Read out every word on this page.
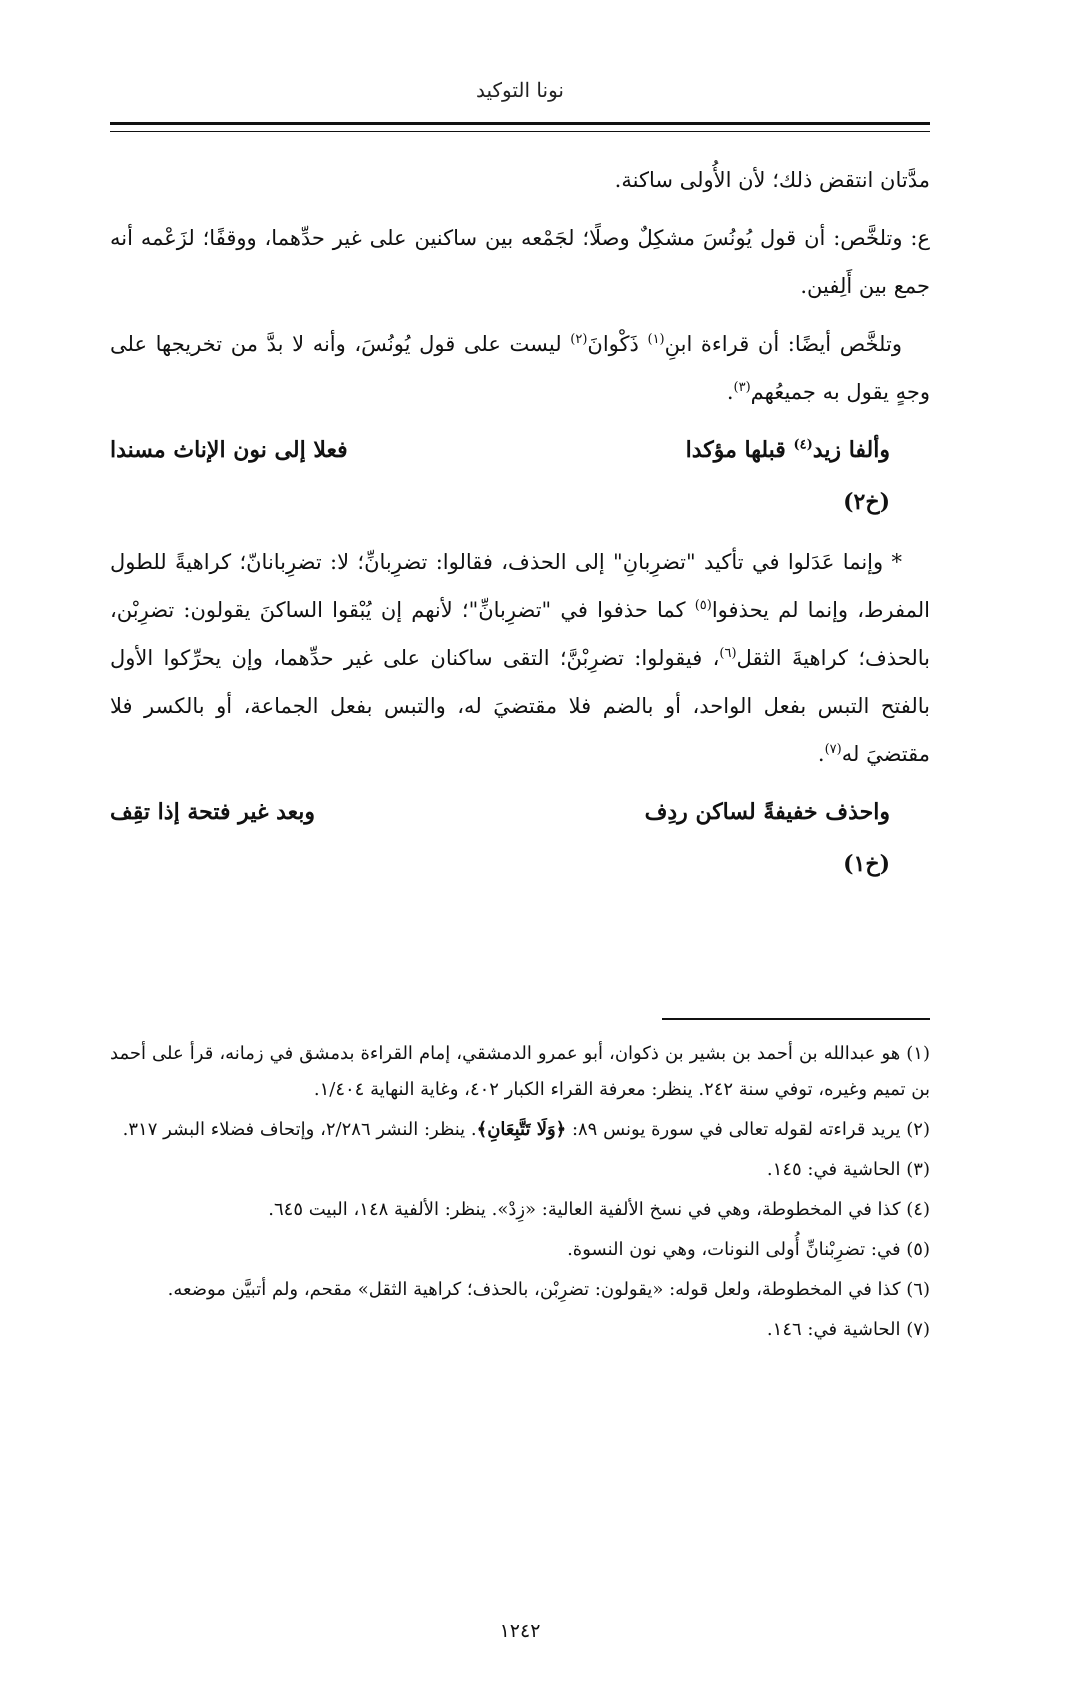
نونا التوكيد

مدَّتان انتقض ذلك؛ لأن الأُولى ساكنة.

ع: وتلخَّص: أن قول يُونُسَ مشكِلٌ وصلًا؛ لجَمْعه بين ساكنين على غير حدِّهما، ووقفًا؛ لزَعْمه أنه جمع بين أَلِفين.

وتلخَّص أيضًا: أن قراءة ابنِ$^{(١)}$ ذَكْوانَ$^{(٢)}$ ليست على قول يُونُسَ، وأنه لا بدَّ من تخريجها على وجهٍ يقول به جميعُهم$^{(٣)}$.

وألفا زيد$^{(٤)}$ قبلها مؤكدا
فعلا إلى نون الإناث مسندا
(خ٢)

* وإنما عَدَلوا في تأكيد "تضرِبانِ" إلى الحذف، فقالوا: تضرِبانِّ؛ لا: تضرِبانانّ؛ كراهيةً للطول المفرط، وإنما لم يحذفوا$^{(٥)}$ كما حذفوا في "تضرِبانِّ"؛ لأنهم إن يُبْقوا الساكنَ يقولون: تضرِبْن، بالحذف؛ كراهيةَ الثقل$^{(٦)}$، فيقولوا: تضرِبْنَّ؛ التقى ساكنان على غير حدِّهما، وإن يحرِّكوا الأول بالفتح التبس بفعل الواحد، أو بالضم فلا مقتضيَ له، والتبس بفعل الجماعة، أو بالكسر فلا مقتضيَ له$^{(٧)}$.

واحذف خفيفةً لساكن ردِف
وبعد غير فتحة إذا تقِف
(خ١)

(١) هو عبدالله بن أحمد بن بشير بن ذكوان، أبو عمرو الدمشقي، إمام القراءة بدمشق في زمانه، قرأ على أحمد بن تميم وغيره، توفي سنة ٢٤٢. ينظر: معرفة القراء الكبار ٤٠٢، وغاية النهاية ١/٤٠٤.

(٢) يريد قراءته لقوله تعالى في سورة يونس ٨٩: ﴿وَلَا تَتَّبِعَانِ﴾. ينظر: النشر ٢/٢٨٦، وإتحاف فضلاء البشر ٣١٧.

(٣) الحاشية في: ١٤٥.

(٤) كذا في المخطوطة، وهي في نسخ الألفية العالية: «زِدْ». ينظر: الألفية ١٤٨، البيت ٦٤٥.

(٥) في: تضرِبْنانِّ أُولى النونات، وهي نون النسوة.

(٦) كذا في المخطوطة، ولعل قوله: «يقولون: تضرِبْن، بالحذف؛ كراهية الثقل» مقحم، ولم أتبيَّن موضعه.

(٧) الحاشية في: ١٤٦.

١٢٤٢
